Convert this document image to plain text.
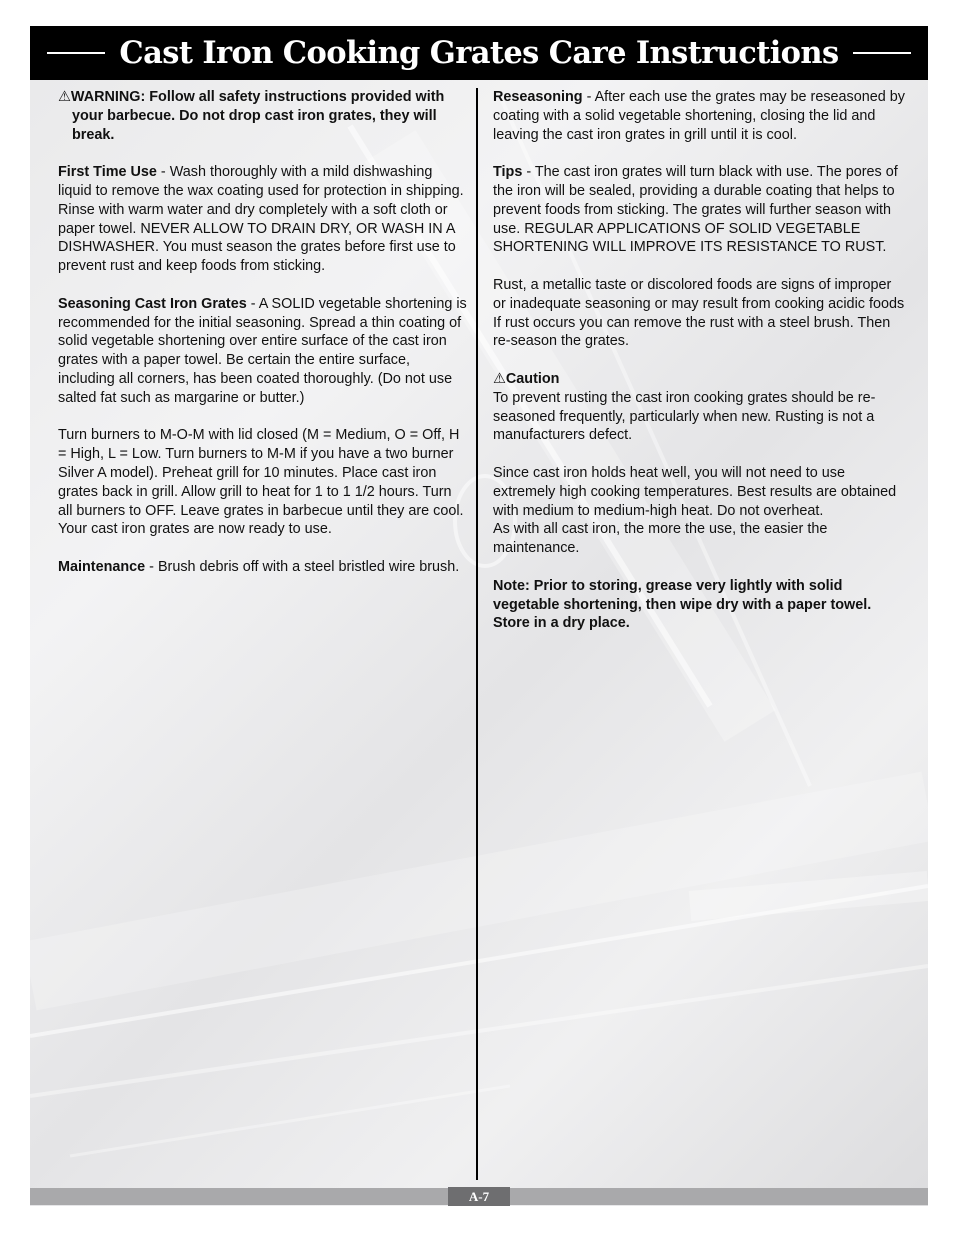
Cast Iron Cooking Grates Care Instructions

⚠WARNING: Follow all safety instructions provided with your barbecue. Do not drop cast iron grates, they will break.

First Time Use - Wash thoroughly with a mild dishwashing liquid to remove the wax coating used for protection in shipping. Rinse with warm water and dry completely with a soft cloth or paper towel. NEVER ALLOW TO DRAIN DRY, OR WASH IN A DISHWASHER. You must season the grates before first use to prevent rust and keep foods from sticking.

Seasoning Cast Iron Grates - A SOLID vegetable shortening is recommended for the initial seasoning. Spread a thin coating of solid vegetable shortening over entire surface of the cast iron grates with a paper towel. Be certain the entire surface, including all corners, has been coated thoroughly. (Do not use salted fat such as margarine or butter.)

Turn burners to M-O-M with lid closed (M = Medium, O = Off, H = High, L = Low. Turn burners to M-M if you have a two burner Silver A model). Preheat grill for 10 minutes. Place cast iron grates back in grill. Allow grill to heat for 1 to 1 1/2 hours. Turn all burners to OFF. Leave grates in barbecue until they are cool. Your cast iron grates are now ready to use.

Maintenance - Brush debris off with a steel bristled wire brush.

Reseasoning - After each use the grates may be reseasoned by coating with a solid vegetable shortening, closing the lid and leaving the cast iron grates in grill until it is cool.

Tips - The cast iron grates will turn black with use. The pores of the iron will be sealed, providing a durable coating that helps to prevent foods from sticking. The grates will further season with use. REGULAR APPLICATIONS OF SOLID VEGETABLE SHORTENING WILL IMPROVE ITS RESISTANCE TO RUST.

Rust, a metallic taste or discolored foods are signs of improper or inadequate seasoning or may result from cooking acidic foods If rust occurs you can remove the rust with a steel brush. Then re-season the grates.

⚠Caution
To prevent rusting the cast iron cooking grates should be re-seasoned frequently, particularly when new. Rusting is not a manufacturers defect.

Since cast iron holds heat well, you will not need to use extremely high cooking temperatures. Best results are obtained with medium to medium-high heat. Do not overheat.
As with all cast iron, the more the use, the easier the maintenance.

Note: Prior to storing, grease very lightly with solid vegetable shortening, then wipe dry with a paper towel. Store in a dry place.

A-7
